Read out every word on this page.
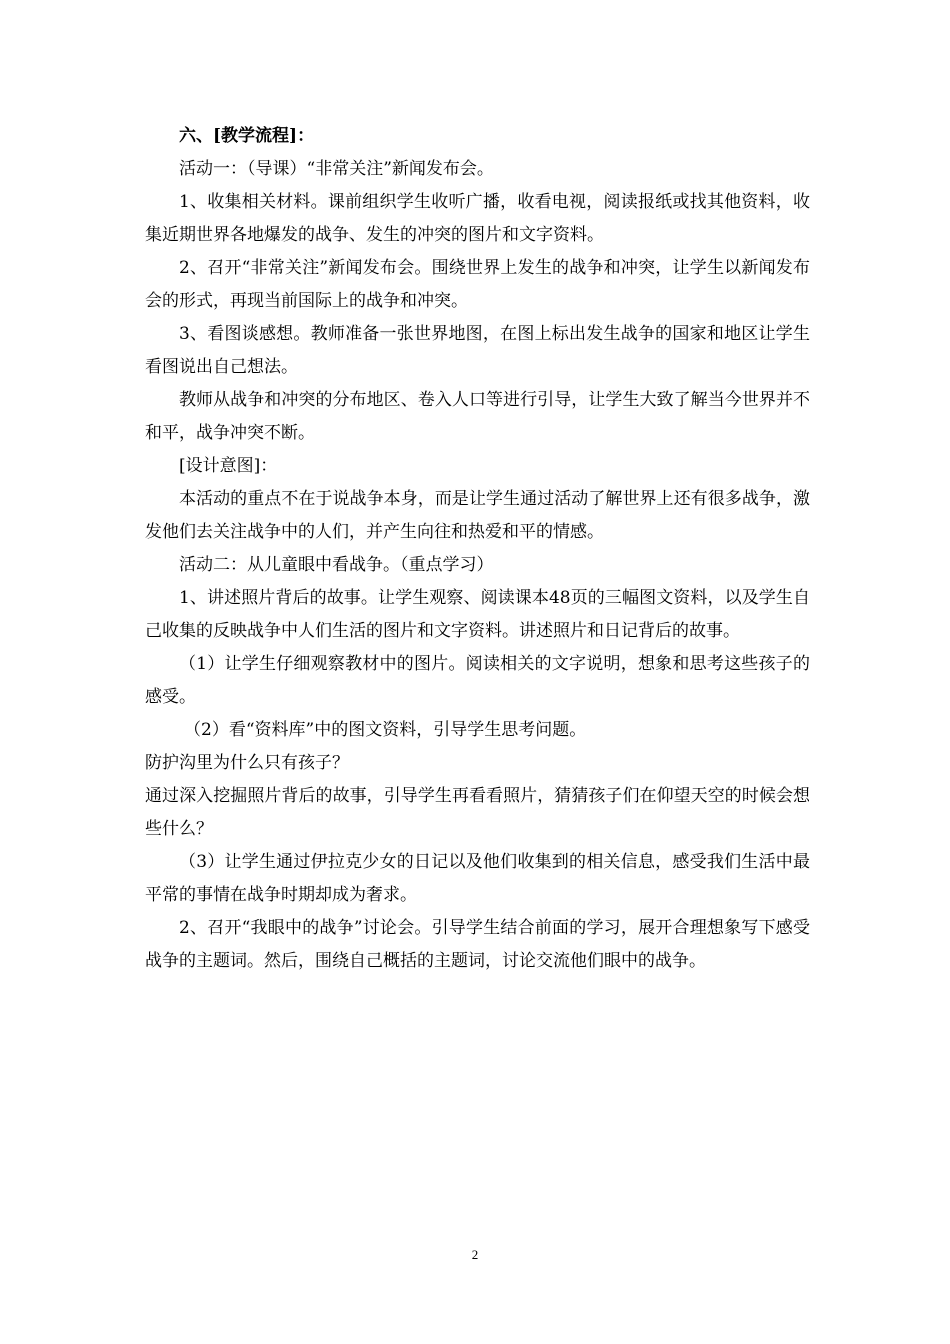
六、[教学流程]：

活动一：（导课）“非常关注”新闻发布会。

1、收集相关材料。课前组织学生收听广播，收看电视，阅读报纸或找其他资料，收集近期世界各地爆发的战争、发生的冲突的图片和文字资料。

2、召开“非常关注”新闻发布会。围绕世界上发生的战争和冲突，让学生以新闻发布会的形式，再现当前国际上的战争和冲突。

3、看图谈感想。教师准备一张世界地图，在图上标出发生战争的国家和地区让学生看图说出自己想法。

教师从战争和冲突的分布地区、卷入人口等进行引导，让学生大致了解当今世界并不和平，战争冲突不断。

[设计意图]：

本活动的重点不在于说战争本身，而是让学生通过活动了解世界上还有很多战争，激发他们去关注战争中的人们，并产生向往和热爱和平的情感。

活动二：从儿童眼中看战争。（重点学习）

1、讲述照片背后的故事。让学生观察、阅读课本48页的三幅图文资料，以及学生自己收集的反映战争中人们生活的图片和文字资料。讲述照片和日记背后的故事。

（1）让学生仔细观察教材中的图片。阅读相关的文字说明，想象和思考这些孩子的感受。

（2）看“资料库”中的图文资料，引导学生思考问题。

防护沟里为什么只有孩子？

通过深入挖掘照片背后的故事，引导学生再看看照片，猜猜孩子们在仰望天空的时候会想些什么？

（3）让学生通过伊拉克少女的日记以及他们收集到的相关信息，感受我们生活中最平常的事情在战争时期却成为奢求。

2、召开“我眼中的战争”讨论会。引导学生结合前面的学习，展开合理想象写下感受战争的主题词。然后，围绕自己概括的主题词，讨论交流他们眼中的战争。

2
